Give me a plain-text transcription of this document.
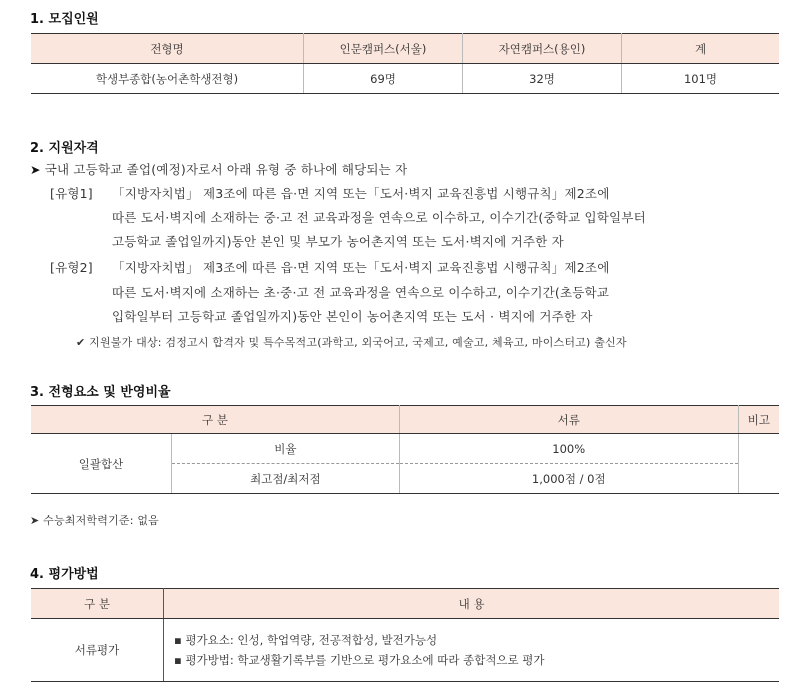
1. 모집인원
전형명	인문캠퍼스(서울)	자연캠퍼스(용인)	계
학생부종합(농어촌학생전형)	69명	32명	101명
2. 지원자격
➤ 국내 고등학교 졸업(예정)자로서 아래 유형 중 하나에 해당되는 자
[유형1] 「지방자치법」 제3조에 따른 읍·면 지역 또는「도서·벽지 교육진흥법 시행규칙」제2조에
따른 도서·벽지에 소재하는 중·고 전 교육과정을 연속으로 이수하고, 이수기간(중학교 입학일부터
고등학교 졸업일까지)동안 본인 및 부모가 농어촌지역 또는 도서·벽지에 거주한 자
[유형2] 「지방자치법」 제3조에 따른 읍·면 지역 또는「도서·벽지 교육진흥법 시행규칙」제2조에
따른 도서·벽지에 소재하는 초·중·고 전 교육과정을 연속으로 이수하고, 이수기간(초등학교
입학일부터 고등학교 졸업일까지)동안 본인이 농어촌지역 또는 도서 · 벽지에 거주한 자
✔ 지원불가 대상: 검정고시 합격자 및 특수목적고(과학고, 외국어고, 국제고, 예술고, 체육고, 마이스터고) 출신자
3. 전형요소 및 반영비율
구 분		서류	비고
일괄합산	비율	100%	
	최고점/최저점	1,000점 / 0점	
➤ 수능최저학력기준: 없음
4. 평가방법
구 분	내 용
서류평가	▪ 평가요소: 인성, 학업역량, 전공적합성, 발전가능성
▪ 평가방법: 학교생활기록부를 기반으로 평가요소에 따라 종합적으로 평가
